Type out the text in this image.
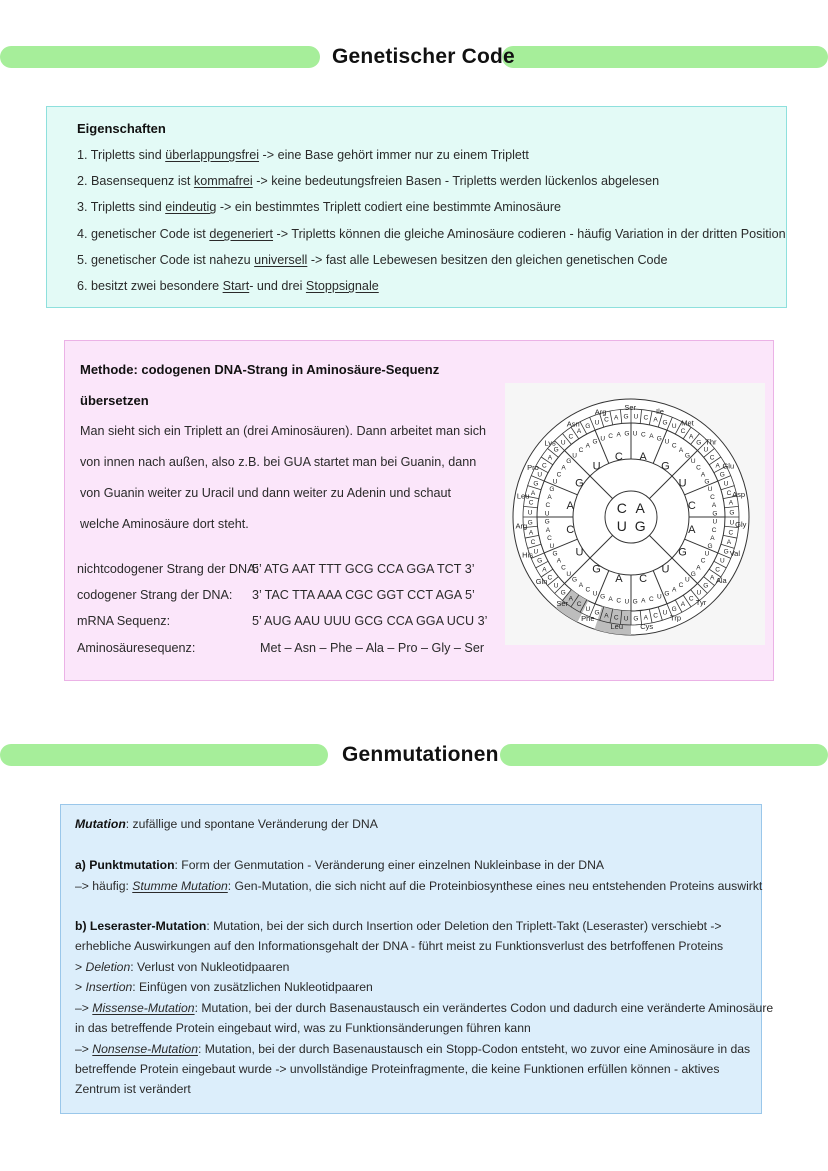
Genetischer Code
Eigenschaften
1. Tripletts sind überlappungsfrei -> eine Base gehört immer nur zu einem Triplett
2. Basensequenz ist kommafrei -> keine bedeutungsfreien Basen - Tripletts werden lückenlos abgelesen
3. Tripletts sind eindeutig -> ein bestimmtes Triplett codiert eine bestimmte Aminosäure
4. genetischer Code ist degeneriert -> Tripletts können die gleiche Aminosäure codieren - häufig Variation in der dritten Position
5. genetischer Code ist nahezu universell -> fast alle Lebewesen besitzen den gleichen genetischen Code
6. besitzt zwei besondere Start- und drei Stoppsignale
Methode: codogenen DNA-Strang in Aminosäure-Sequenz
übersetzen
Man sieht sich ein Triplett an (drei Aminosäuren). Dann arbeitet man sich
von innen nach außen, also z.B. bei GUA startet man bei Guanin, dann
von Guanin weiter zu Uracil und dann weiter zu Adenin und schaut
welche Aminosäure dort steht.
nichtcodogener Strang der DNA:
5’ ATG AAT TTT GCG CCA GGA TCT 3’
codogener Strang der DNA: 3’ TAC TTA AAA CGC GGT CCT AGA 5’
mRNA Sequenz:	5’ AUG AAU UUU GCG CCA GGA UCU 3’
Aminosäuresequenz:	Met – Asn – Phe – Ala – Pro – Gly – Ser
C A
G
U
U
C A
G
U
C
A
G
U
C
A
G
U
C
A
G
U
C
A
G
U C A G U C A G
U
C
A
G
U
C
A
G
U
C
A
G
U
C
A
G
U
C
A
G
U
C
A
G
U
C
A
G
U
C
A
G
U
C
A
G
U
C
A
G
U
C
A
G
U
C
A
G
U
C
A
G
U
C
A
G U C A G U C A G U
C
A
G
U
C
A
G
U
C
A
G
U
C
A
G
U
C
A
G
U
C
A
G
U
C
A
G
U
C
A
G
U
C
A
G
U
C
A
G
U
C
A
G
U
C
A
G
U
C
A
G
Pro
Lys
Asn
Arg Ser	Ile
Met
Thr
Glu
Asp
Gly
Val
Ala
Tyr
Trp
Cys
Leu
Phe
Ser
Gln
His
Arg
Leu
Genmutationen
Mutation: zufällige und spontane Veränderung der DNA
a) Punktmutation: Form der Genmutation - Veränderung einer einzelnen Nukleinbase in der DNA
–> häufig: Stumme Mutation: Gen-Mutation, die sich nicht auf die Proteinbiosynthese eines neu entstehenden Proteins auswirkt
b) Leseraster-Mutation: Mutation, bei der sich durch Insertion oder Deletion den Triplett-Takt (Leseraster) verschiebt ->
erhebliche Auswirkungen auf den Informationsgehalt der DNA - führt meist zu Funktionsverlust des betrfoffenen Proteins
> Deletion: Verlust von Nukleotidpaaren
> Insertion: Einfügen von zusätzlichen Nukleotidpaaren
–> Missense-Mutation: Mutation, bei der durch Basenaustausch ein verändertes Codon und dadurch eine veränderte Aminosäure
in das betreffende Protein eingebaut wird, was zu Funktionsänderungen führen kann
–> Nonsense-Mutation: Mutation, bei der durch Basenaustausch ein Stopp-Codon entsteht, wo zuvor eine Aminosäure in das
betreffende Protein eingebaut wurde -> unvollständige Proteinfragmente, die keine Funktionen erfüllen können - aktives
Zentrum ist verändert
